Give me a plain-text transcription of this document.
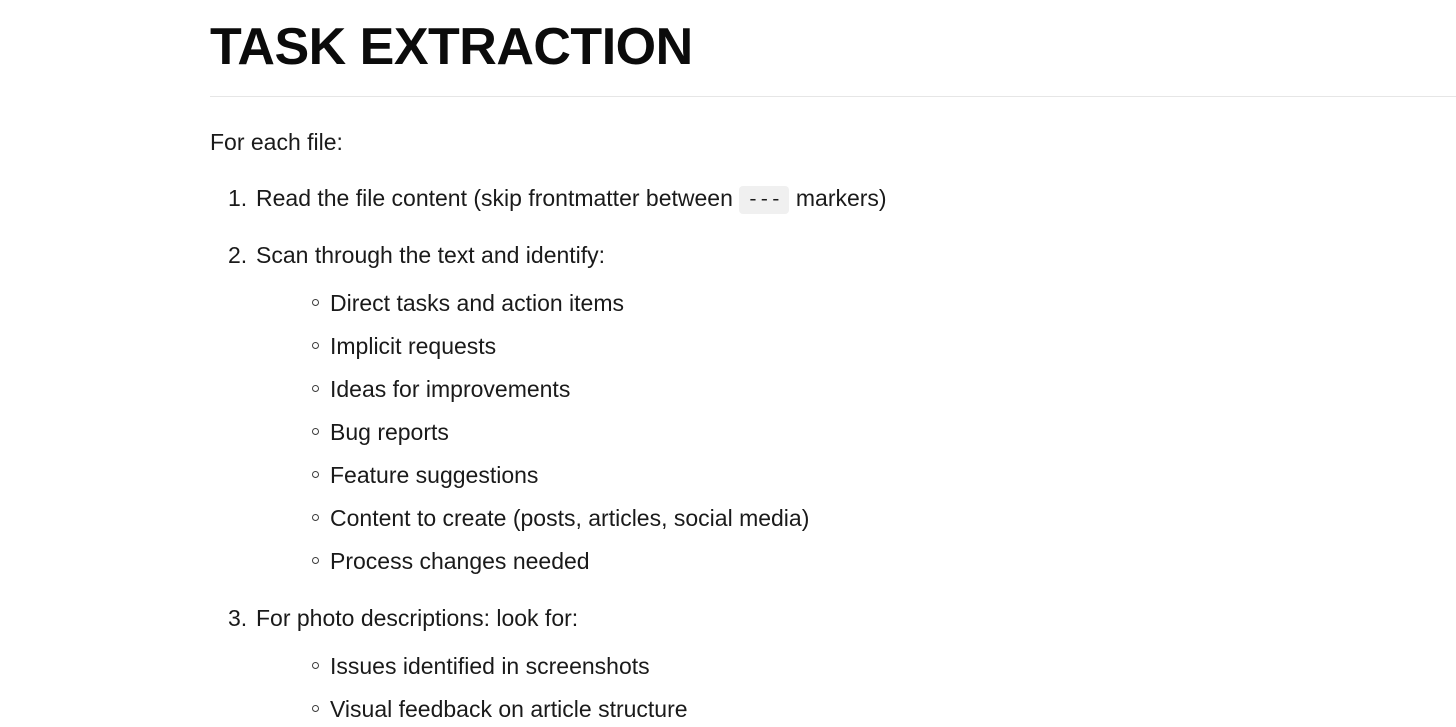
TASK EXTRACTION

For each file:

1. Read the file content (skip frontmatter between --- markers)
2. Scan through the text and identify:
Direct tasks and action items
Implicit requests
Ideas for improvements
Bug reports
Feature suggestions
Content to create (posts, articles, social media)
Process changes needed
3. For photo descriptions: look for:
Issues identified in screenshots
Visual feedback on article structure
